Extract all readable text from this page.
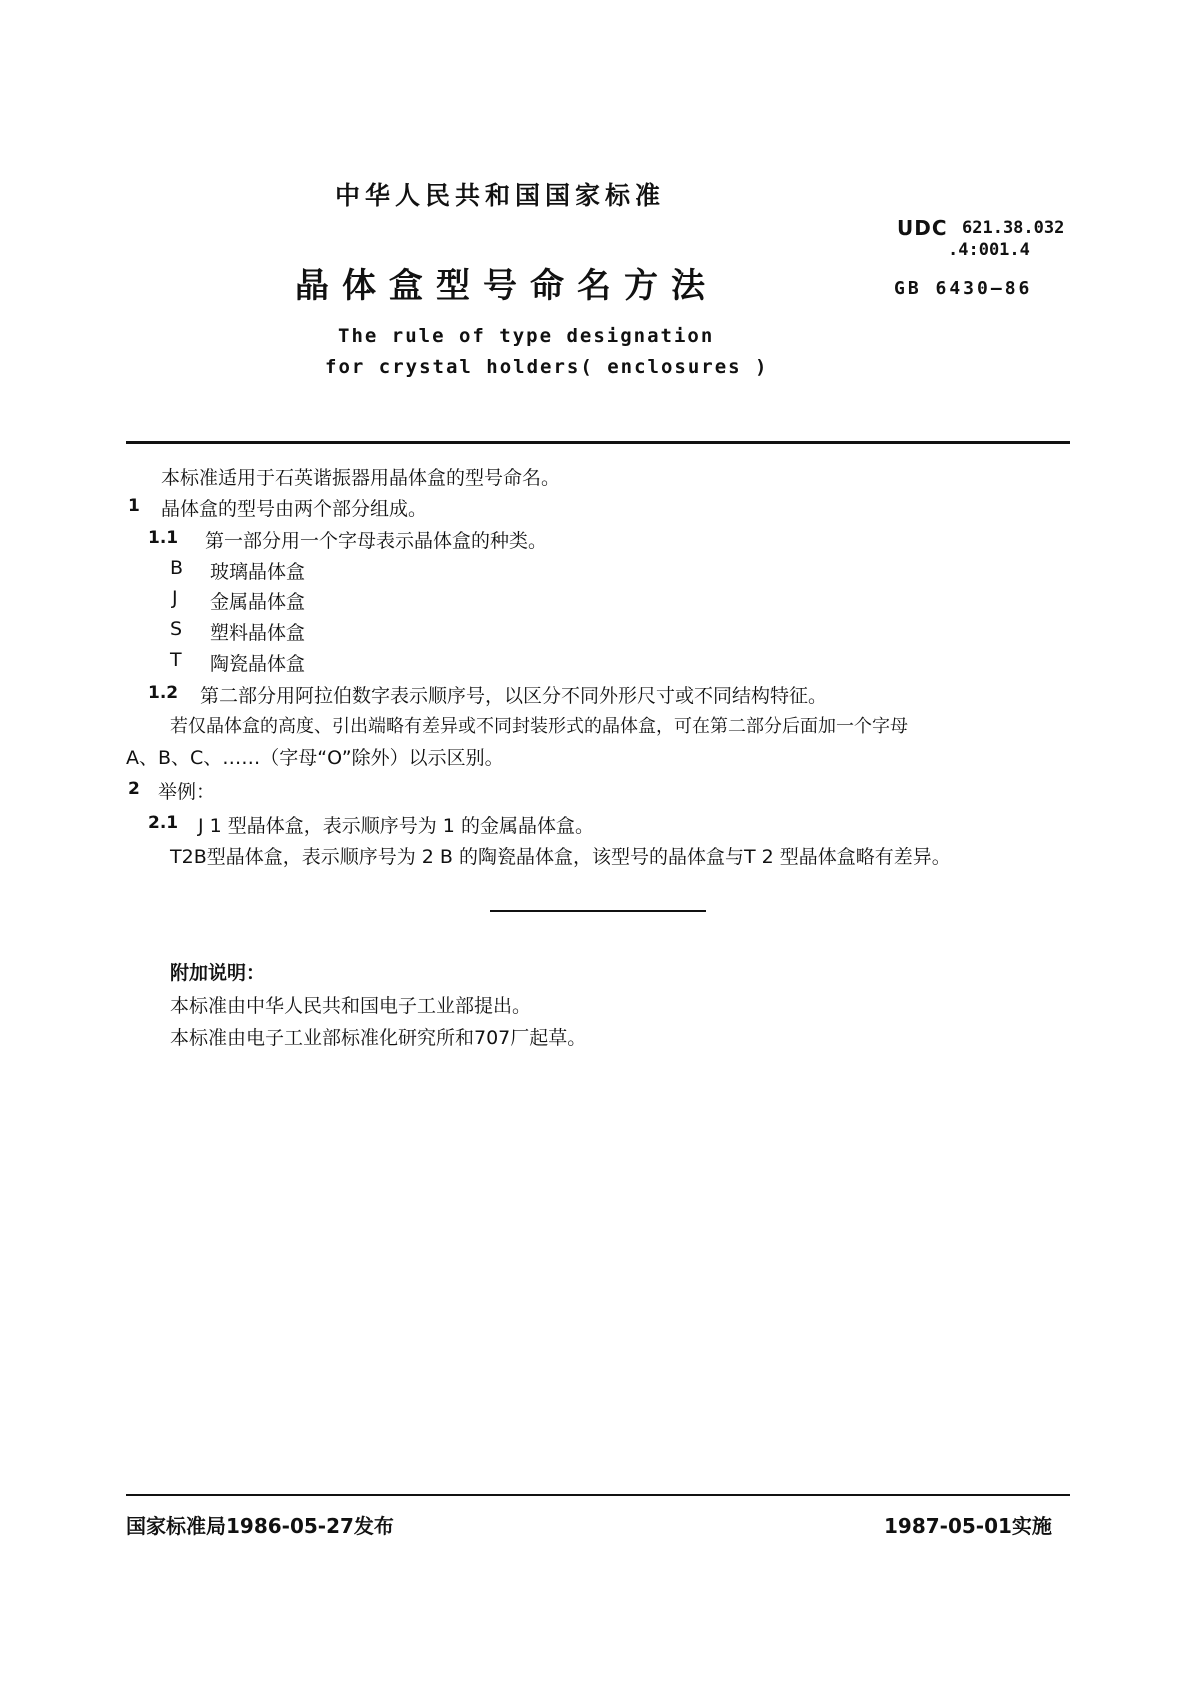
中华人民共和国国家标准
UDC 621.38.032
.4:001.4
晶体盒型号命名方法	GB 6430—86
The rule of type designation
for crystal holders( enclosures )
本标准适用于石英谐振器用晶体盒的型号命名。
1 晶体盒的型号由两个部分组成。
1.1 第一部分用一个字母表示晶体盒的种类。
B 玻璃晶体盒
J 金属晶体盒
S 塑料晶体盒
T 陶瓷晶体盒
1.2 第二部分用阿拉伯数字表示顺序号，以区分不同外形尺寸或不同结构特征。
若仅晶体盒的高度、引出端略有差异或不同封装形式的晶体盒，可在第二部分后面加一个字母
A、B、C、……（字母“O”除外）以示区别。
2 举例：
2.1 J 1 型晶体盒，表示顺序号为 1 的金属晶体盒。
T2B型晶体盒，表示顺序号为 2 B 的陶瓷晶体盒，该型号的晶体盒与T 2 型晶体盒略有差异。
附加说明：
本标准由中华人民共和国电子工业部提出。
本标准由电子工业部标准化研究所和707厂起草。
国家标准局1986-05-27发布	1987-05-01实施
